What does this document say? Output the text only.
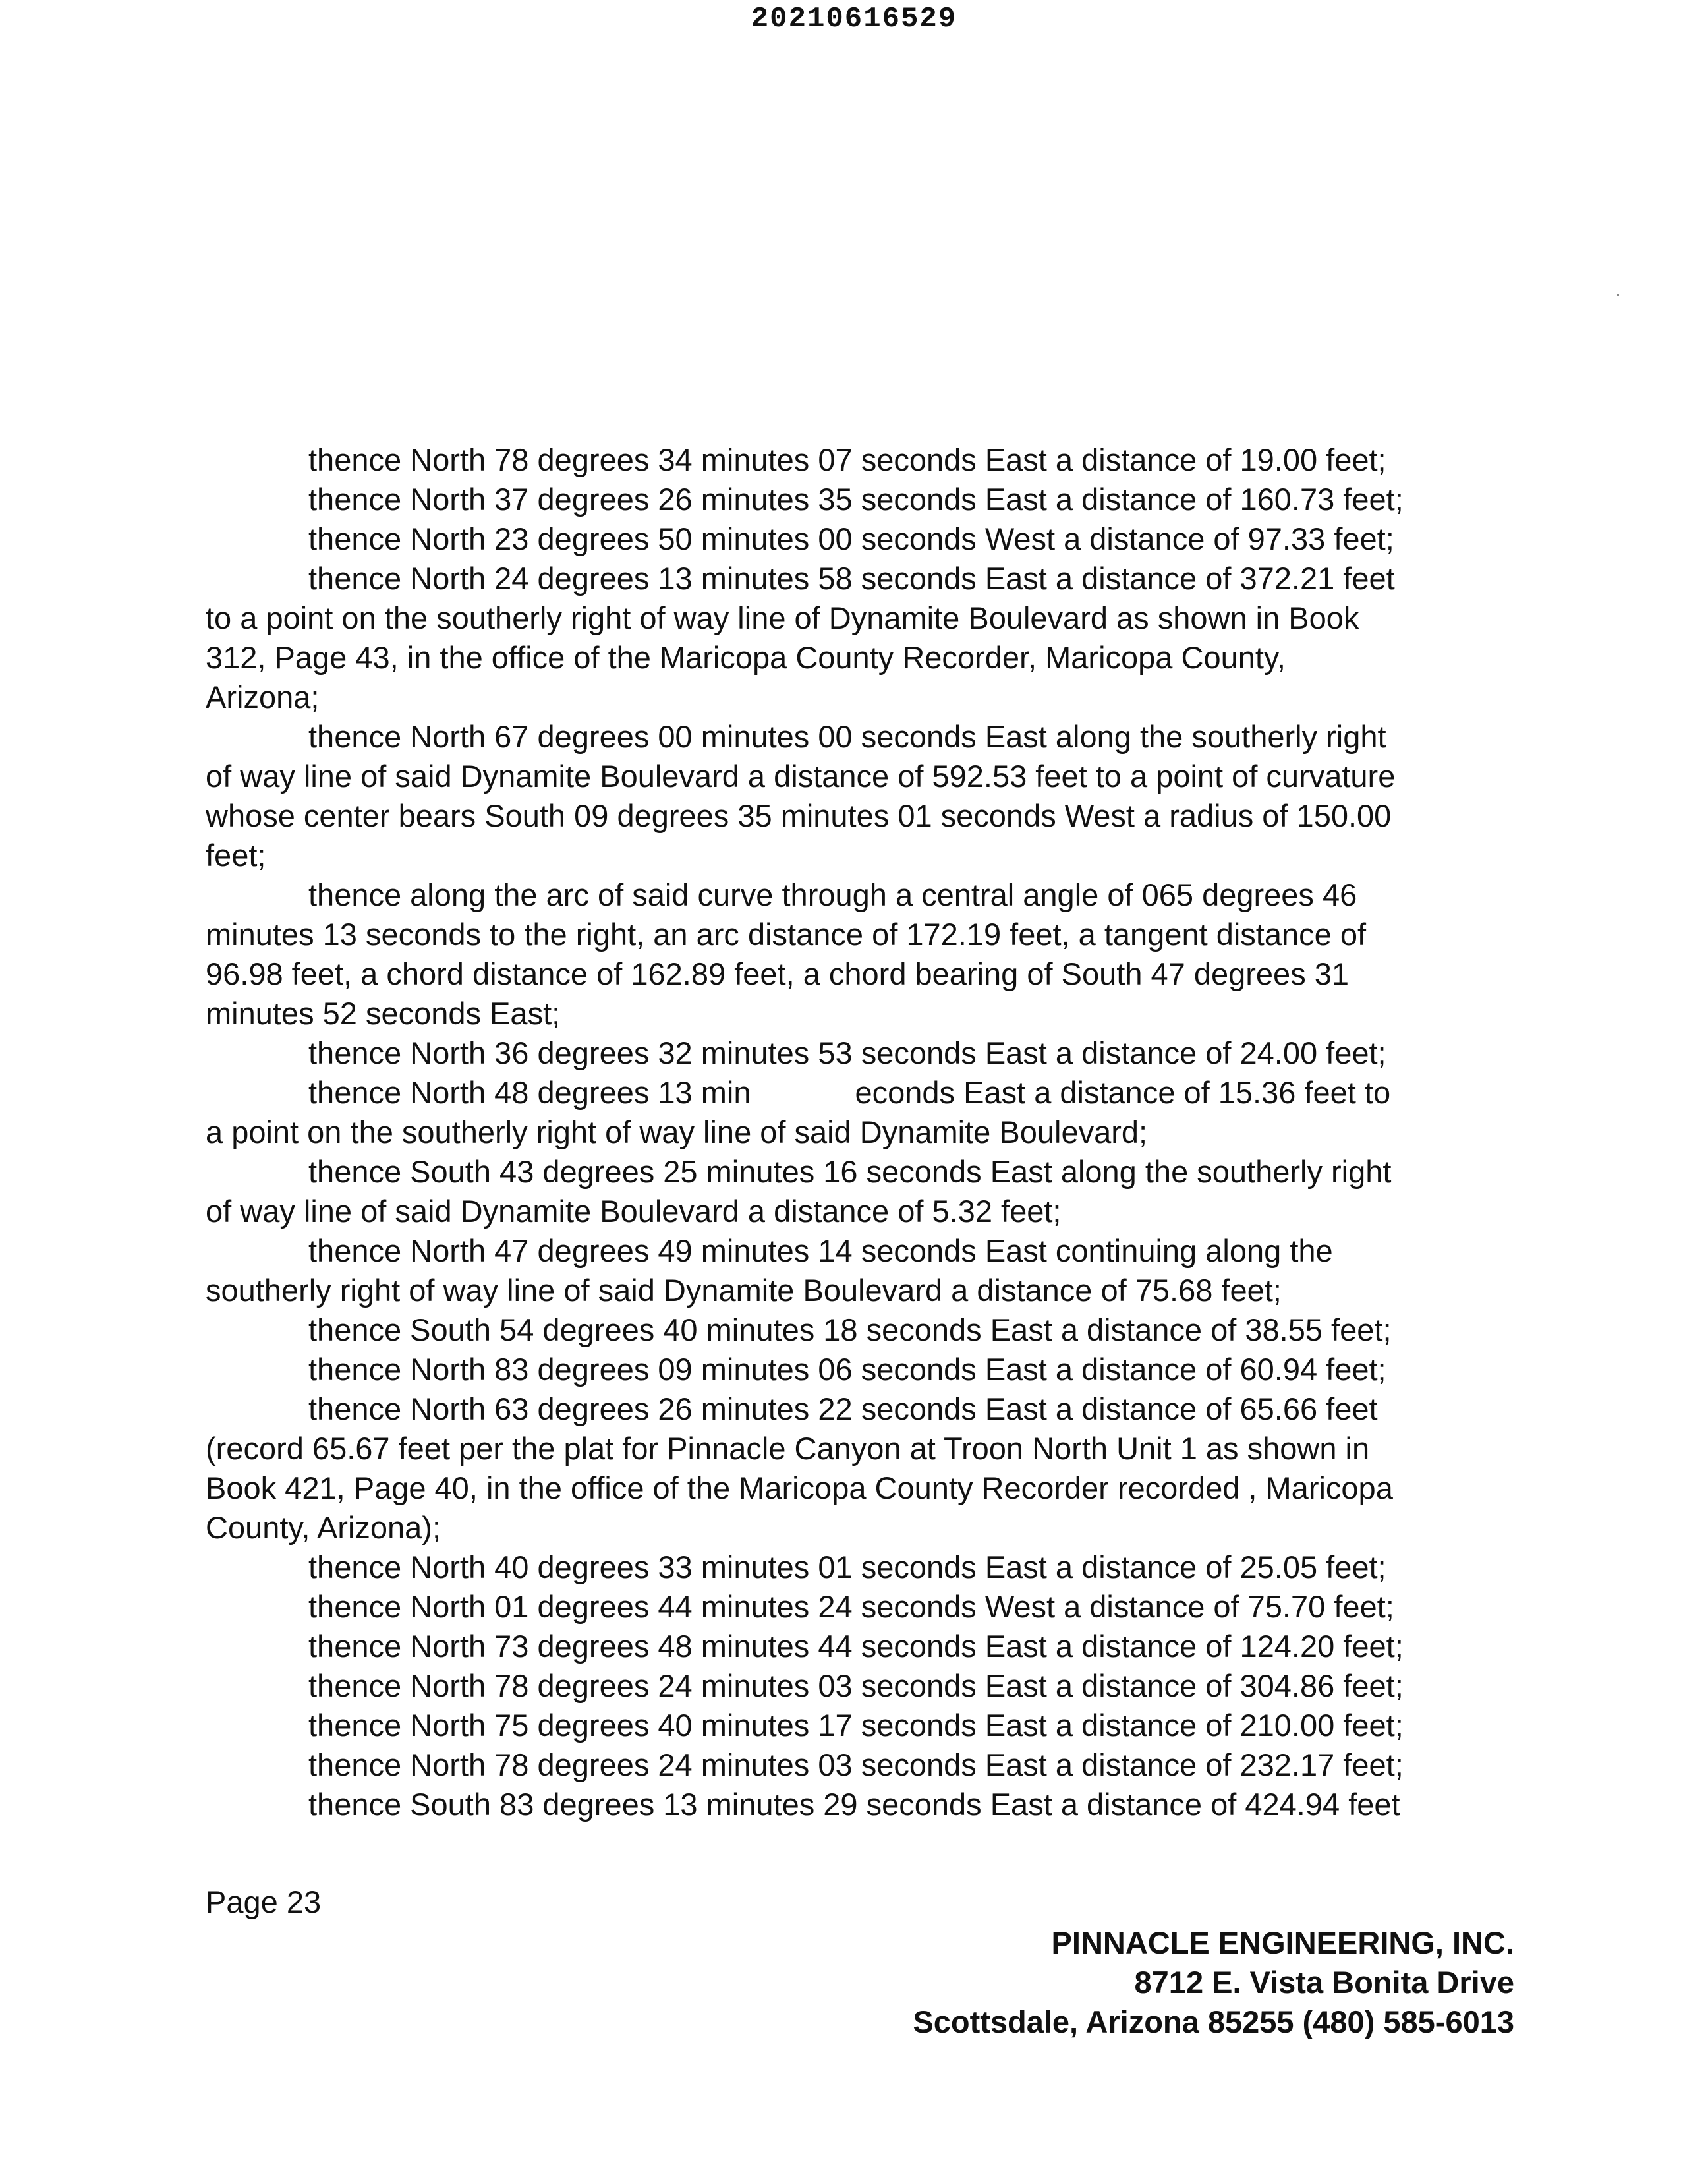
20210616529

thence North 78 degrees 34 minutes 07 seconds East a distance of 19.00 feet;

thence North 37 degrees 26 minutes 35 seconds East a distance of 160.73 feet;

thence North 23 degrees 50 minutes 00 seconds West a distance of 97.33 feet;

thence North 24 degrees 13 minutes 58 seconds East a distance of 372.21 feet
to a point on the southerly right of way line of Dynamite Boulevard as shown in Book
312, Page 43, in the office of the Maricopa County Recorder, Maricopa County,
Arizona;

thence North 67 degrees 00 minutes 00 seconds East along the southerly right
of way line of said Dynamite Boulevard a distance of 592.53 feet to a point of curvature
whose center bears South 09 degrees 35 minutes 01 seconds West a radius of 150.00
feet;

thence along the arc of said curve through a central angle of 065 degrees 46
minutes 13 seconds to the right, an arc distance of 172.19 feet, a tangent distance of
96.98 feet, a chord distance of 162.89 feet, a chord bearing of South 47 degrees 31
minutes 52 seconds East;

thence North 36 degrees 32 minutes 53 seconds East a distance of 24.00 feet;

thence North 48 degrees 13 min	econds East a distance of 15.36 feet to
a point on the southerly right of way line of said Dynamite Boulevard;

thence South 43 degrees 25 minutes 16 seconds East along the southerly right
of way line of said Dynamite Boulevard a distance of 5.32 feet;

thence North 47 degrees 49 minutes 14 seconds East continuing along the
southerly right of way line of said Dynamite Boulevard a distance of 75.68 feet;

thence South 54 degrees 40 minutes 18 seconds East a distance of 38.55 feet;

thence North 83 degrees 09 minutes 06 seconds East a distance of 60.94 feet;

thence North 63 degrees 26 minutes 22 seconds East a distance of 65.66 feet
(record 65.67 feet per the plat for Pinnacle Canyon at Troon North Unit 1 as shown in
Book 421, Page 40, in the office of the Maricopa County Recorder recorded , Maricopa
County, Arizona);

thence North 40 degrees 33 minutes 01 seconds East a distance of 25.05 feet;

thence North 01 degrees 44 minutes 24 seconds West a distance of 75.70 feet;

thence North 73 degrees 48 minutes 44 seconds East a distance of 124.20 feet;

thence North 78 degrees 24 minutes 03 seconds East a distance of 304.86 feet;

thence North 75 degrees 40 minutes 17 seconds East a distance of 210.00 feet;

thence North 78 degrees 24 minutes 03 seconds East a distance of 232.17 feet;

thence South 83 degrees 13 minutes 29 seconds East a distance of 424.94 feet

Page 23
PINNACLE ENGINEERING, INC.
8712 E. Vista Bonita Drive
Scottsdale, Arizona 85255 (480) 585-6013
